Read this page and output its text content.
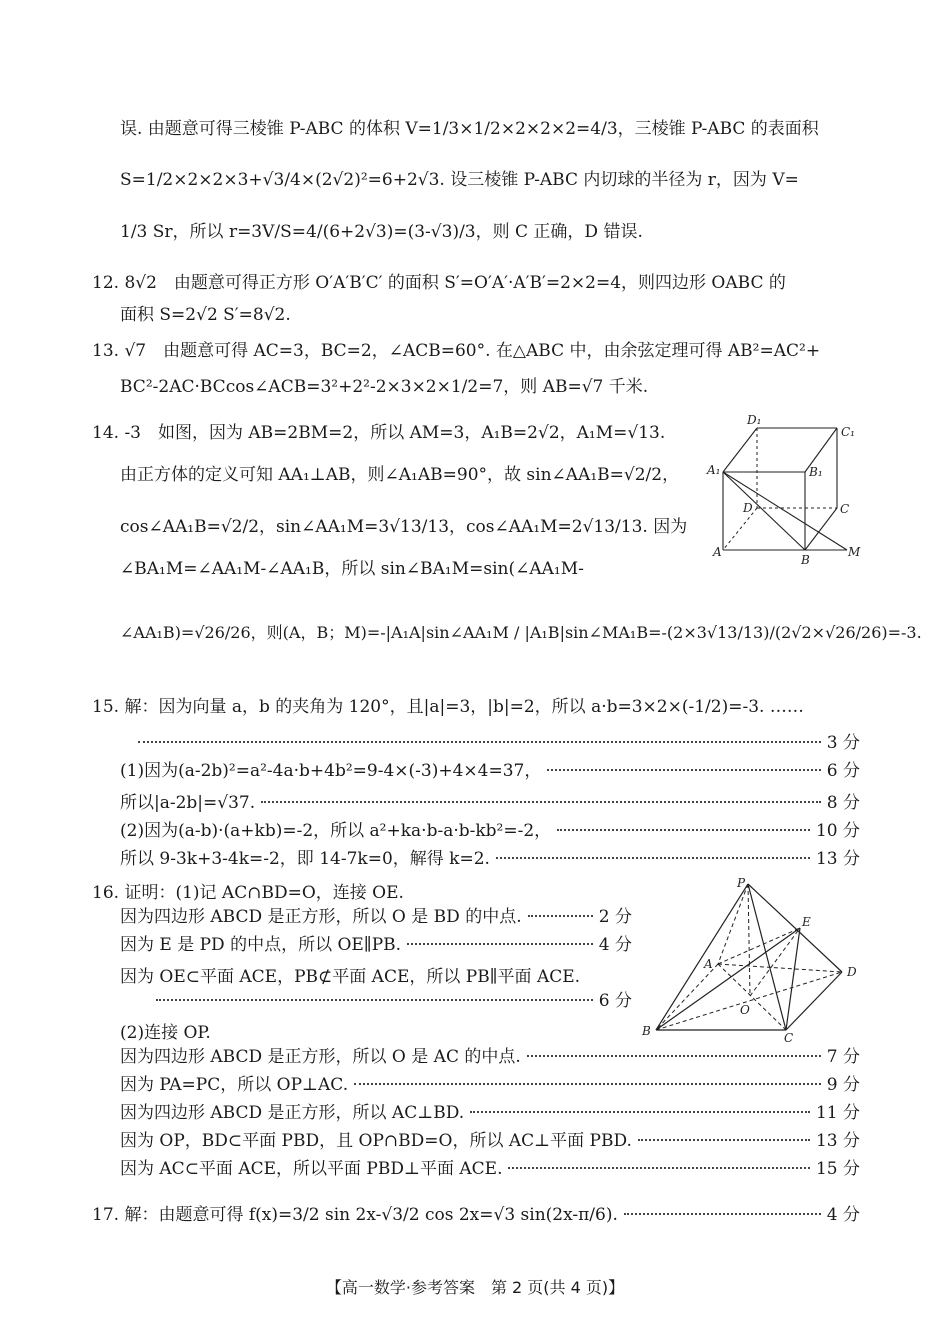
误. 由题意可得三棱锥 P-ABC 的体积 V=1/3×1/2×2×2×2=4/3，三棱锥 P-ABC 的表面积
S=1/2×2×2×3+√3/4×(2√2)²=6+2√3. 设三棱锥 P-ABC 内切球的半径为 r，因为 V=
1/3 Sr，所以 r=3V/S=4/(6+2√3)=(3-√3)/3，则 C 正确，D 错误.
12. 8√2　由题意可得正方形 O′A′B′C′ 的面积 S′=O′A′·A′B′=2×2=4，则四边形 OABC 的
面积 S=2√2 S′=8√2.
13. √7　由题意可得 AC=3，BC=2，∠ACB=60°. 在△ABC 中，由余弦定理可得 AB²=AC²+
BC²-2AC·BCcos∠ACB=3²+2²-2×3×2×1/2=7，则 AB=√7 千米.
14. -3　如图，因为 AB=2BM=2，所以 AM=3，A₁B=2√2，A₁M=√13.
由正方体的定义可知 AA₁⊥AB，则∠A₁AB=90°，故 sin∠AA₁B=√2/2，
cos∠AA₁B=√2/2，sin∠AA₁M=3√13/13，cos∠AA₁M=2√13/13. 因为
∠BA₁M=∠AA₁M-∠AA₁B，所以 sin∠BA₁M=sin(∠AA₁M-
∠AA₁B)=√26/26，则(A，B；M)=-|A₁A|sin∠AA₁M / |A₁B|sin∠MA₁B=-(2×3√13/13)/(2√2×√26/26)=-3.
D₁
C₁
A₁	B₁
D	C
A
B
M
15. 解：因为向量 a，b 的夹角为 120°，且|a|=3，|b|=2，所以 a·b=3×2×(-1/2)=-3. ……
3 分
(1)因为(a-2b)²=a²-4a·b+4b²=9-4×(-3)+4×4=37，	6 分
所以|a-2b|=√37.	8 分
(2)因为(a-b)·(a+kb)=-2，所以 a²+ka·b-a·b-kb²=-2，	10 分
所以 9-3k+3-4k=-2，即 14-7k=0，解得 k=2.	13 分
16. 证明：(1)记 AC∩BD=O，连接 OE.
因为四边形 ABCD 是正方形，所以 O 是 BD 的中点.	2 分
因为 E 是 PD 的中点，所以 OE∥PB.	4 分
因为 OE⊂平面 ACE，PB⊄平面 ACE，所以 PB∥平面 ACE.
6 分
(2)连接 OP.
因为四边形 ABCD 是正方形，所以 O 是 AC 的中点.	7 分
因为 PA=PC，所以 OP⊥AC.	9 分
因为四边形 ABCD 是正方形，所以 AC⊥BD.	11 分
因为 OP，BD⊂平面 PBD，且 OP∩BD=O，所以 AC⊥平面 PBD.	13 分
因为 AC⊂平面 ACE，所以平面 PBD⊥平面 ACE.	15 分
P
E
A
D
O
B	C
17. 解：由题意可得 f(x)=3/2 sin 2x-√3/2 cos 2x=√3 sin(2x-π/6).	4 分
【高一数学·参考答案　第 2 页(共 4 页)】
